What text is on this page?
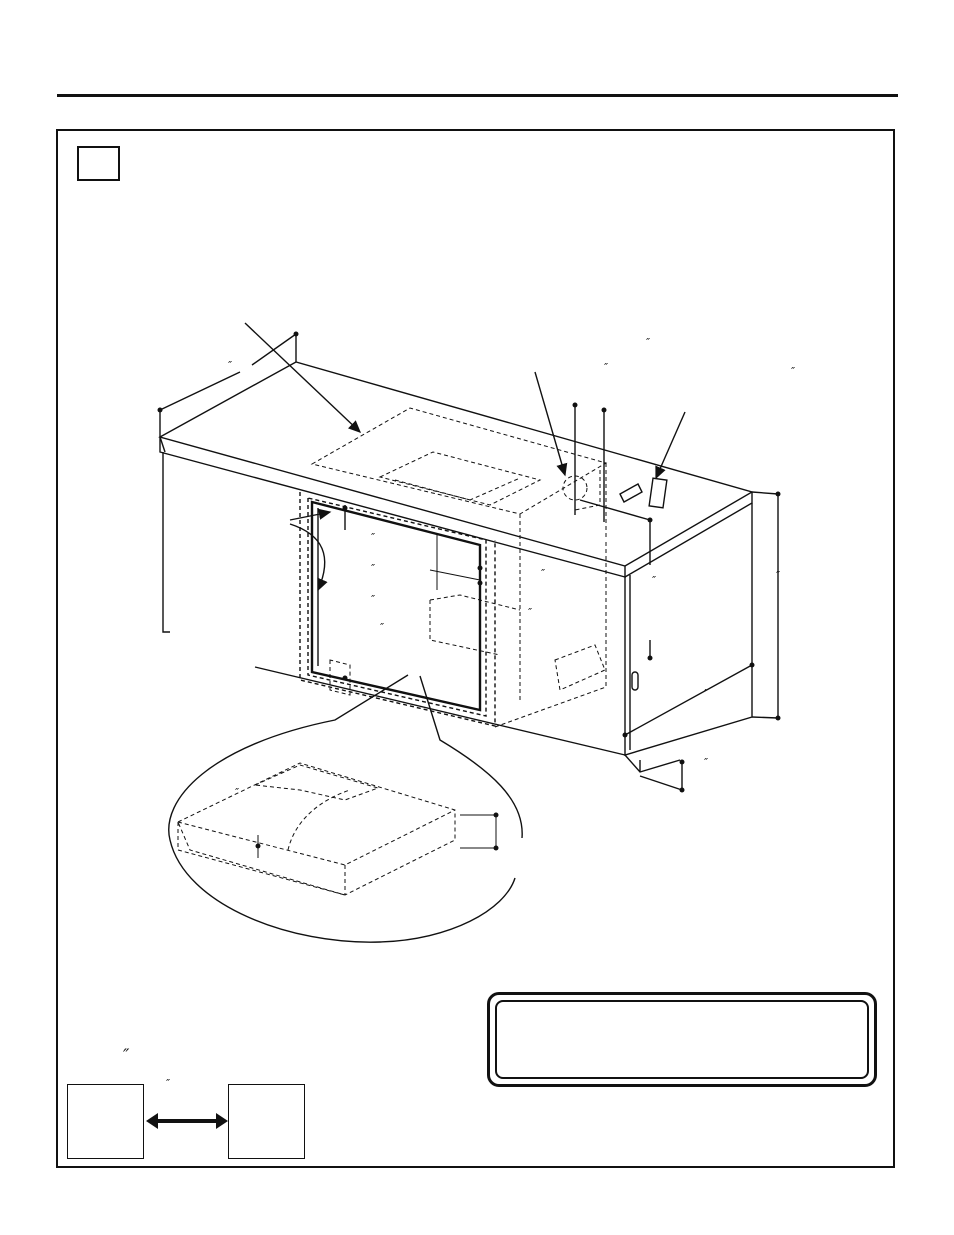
″
″
″	″
″
″	″
″	″
″
″
″
″
″
″
″
″
